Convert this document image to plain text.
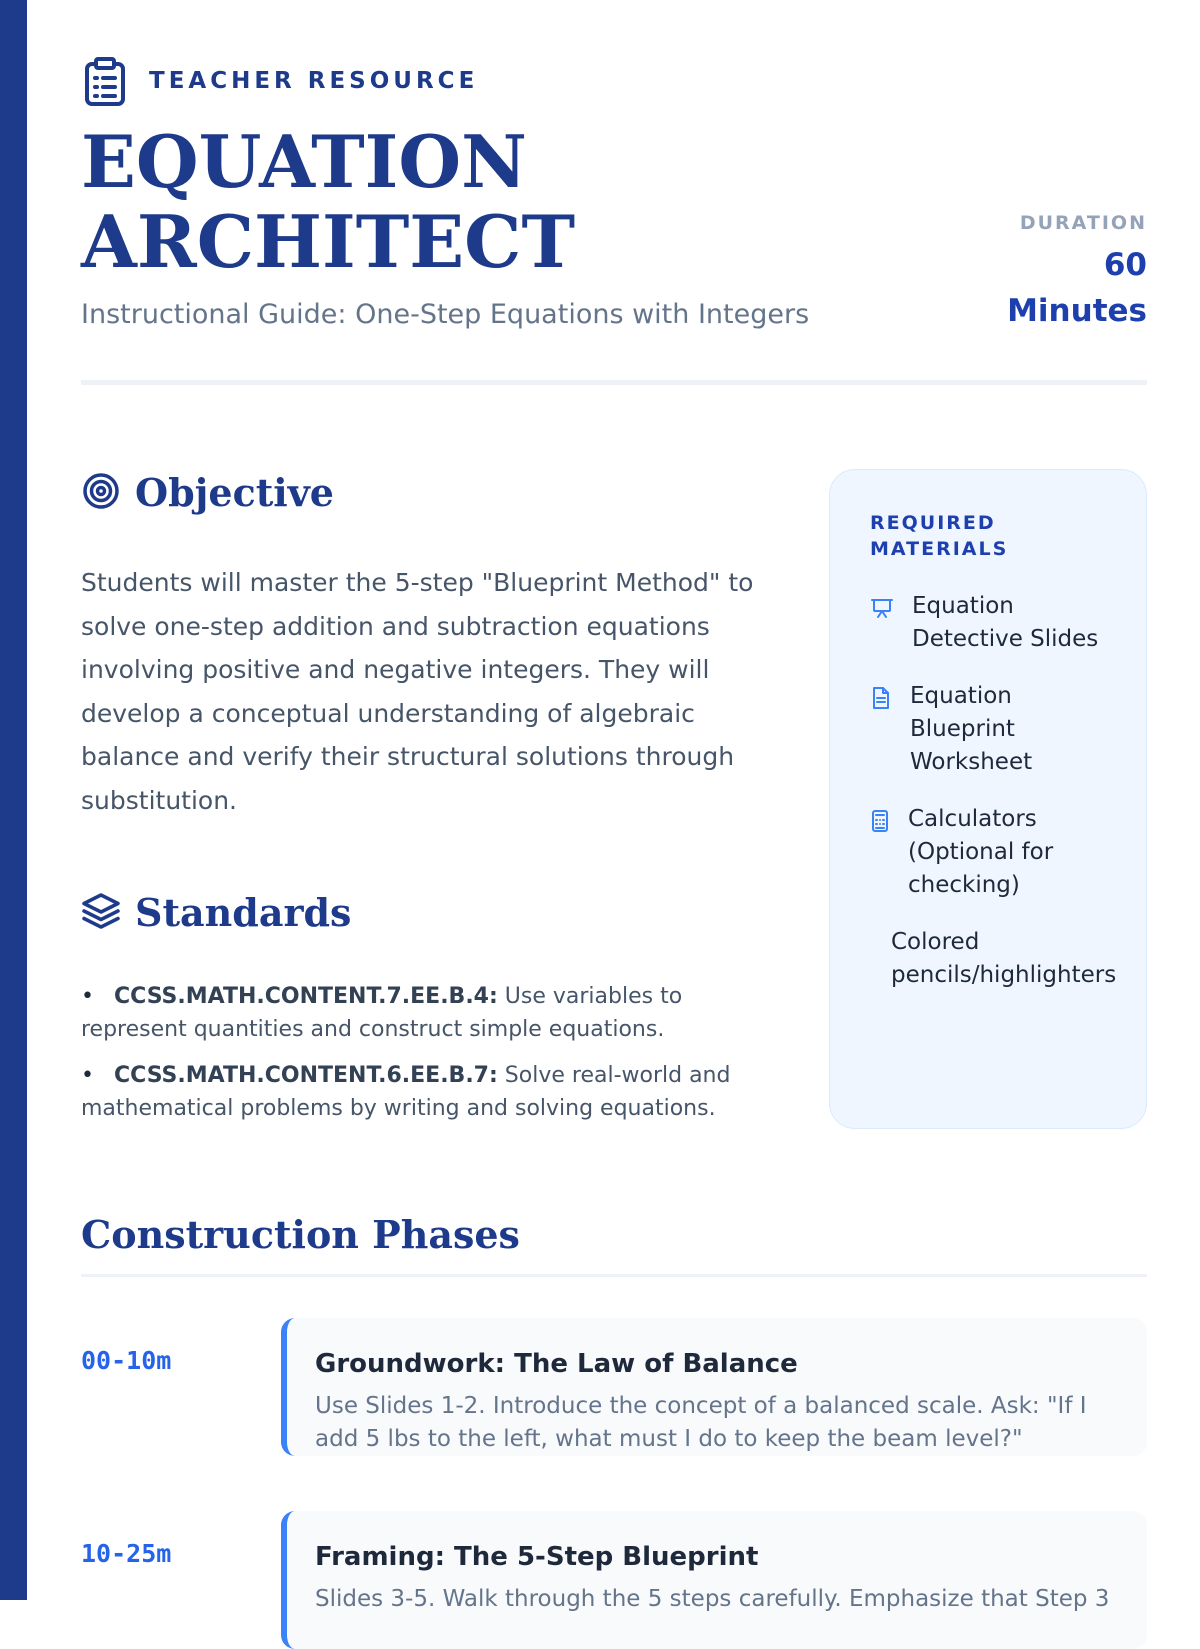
TEACHER RESOURCE
EQUATION ARCHITECT
Instructional Guide: One-Step Equations with Integers
DURATION
60 Minutes
Objective

Students will master the 5-step "Blueprint Method" to solve one-step addition and subtraction equations involving positive and negative integers. They will develop a conceptual understanding of algebraic balance and verify their structural solutions through substitution.

Standards
• CCSS.MATH.CONTENT.7.EE.B.4: Use variables to represent quantities and construct simple equations.
• CCSS.MATH.CONTENT.6.EE.B.7: Solve real-world and mathematical problems by writing and solving equations.
REQUIRED MATERIALS
Equation Detective Slides
Equation Blueprint Worksheet
Calculators (Optional for checking)
Colored pencils/highlighters
Construction Phases
00-10m	Groundwork: The Law of Balance
Use Slides 1-2. Introduce the concept of a balanced scale. Ask: "If I add 5 lbs to the left, what must I do to keep the beam level?"
10-25m	Framing: The 5-Step Blueprint
Slides 3-5. Walk through the 5 steps carefully. Emphasize that Step 3
